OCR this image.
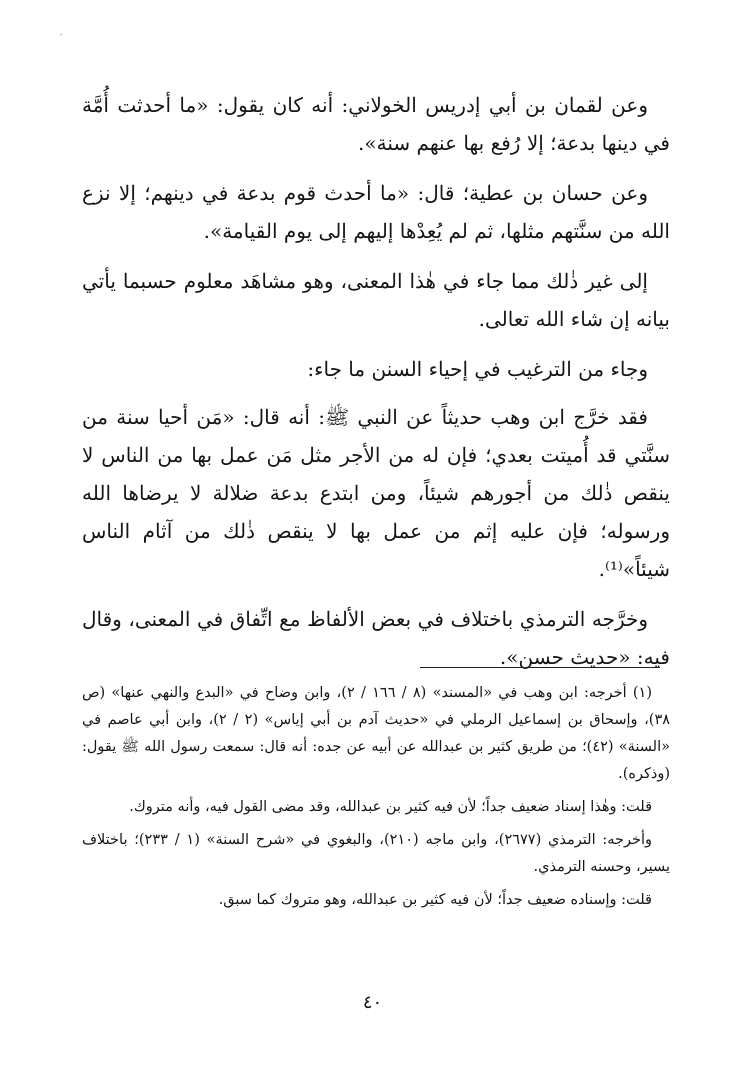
´

وعن لقمان بن أبي إدريس الخولاني: أنه كان يقول: «ما أحدثت أُمَّة في دينها بدعة؛ إلا رُفع بها عنهم سنة».

وعن حسان بن عطية؛ قال: «ما أحدث قوم بدعة في دينهم؛ إلا نزع الله من سنَّتهم مثلها، ثم لم يُعِدْها إليهم إلى يوم القيامة».

إلى غير ذٰلك مما جاء في هٰذا المعنى، وهو مشاهَد معلوم حسبما يأتي بيانه إن شاء الله تعالى.

وجاء من الترغيب في إحياء السنن ما جاء:

فقد خرَّج ابن وهب حديثاً عن النبي ﷺ: أنه قال: «مَن أحيا سنة من سنَّتي قد أُميتت بعدي؛ فإن له من الأجر مثل مَن عمل بها من الناس لا ينقص ذٰلك من أجورهم شيئاً، ومن ابتدع بدعة ضلالة لا يرضاها الله ورسوله؛ فإن عليه إثم من عمل بها لا ينقص ذٰلك من آثام الناس شيئاً»⁽¹⁾.

وخرَّجه الترمذي باختلاف في بعض الألفاظ مع اتِّفاق في المعنى، وقال فيه: «حديث حسن».

(١) أخرجه: ابن وهب في «المسند» (٨ / ١٦٦ / ٢)، وابن وضاح في «البدع والنهي عنها» (ص ٣٨)، وإسحاق بن إسماعيل الرملي في «حديث آدم بن أبي إياس» (٢ / ٢)، وابن أبي عاصم في «السنة» (٤٢)؛ من طريق كثير بن عبدالله عن أبيه عن جده: أنه قال: سمعت رسول الله ﷺ يقول: (وذكره).

قلت: وهٰذا إسناد ضعيف جداً؛ لأن فيه كثير بن عبدالله، وقد مضى القول فيه، وأنه متروك.

وأخرجه: الترمذي (٢٦٧٧)، وابن ماجه (٢١٠)، والبغوي في «شرح السنة» (١ / ٢٣٣)؛ باختلاف يسير، وحسنه الترمذي.

قلت: وإسناده ضعيف جداً؛ لأن فيه كثير بن عبدالله، وهو متروك كما سبق.

٤٠
